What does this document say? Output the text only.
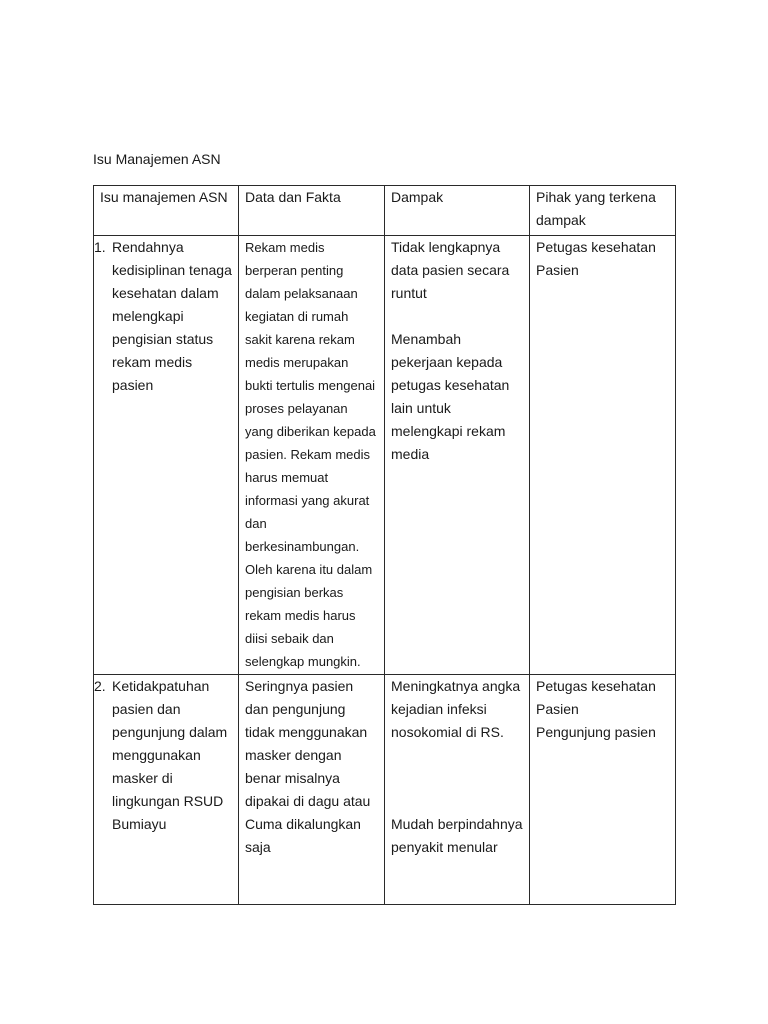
Isu Manajemen ASN
Isu manajemen ASN	Data dan Fakta	Dampak	Pihak yang terkena dampak

1. Rendahnya kedisiplinan tenaga kesehatan dalam melengkapi pengisian status rekam medis pasien	Rekam medis berperan penting dalam pelaksanaan kegiatan di rumah sakit karena rekam medis merupakan bukti tertulis mengenai proses pelayanan yang diberikan kepada pasien. Rekam medis harus memuat informasi yang akurat dan berkesinambungan. Oleh karena itu dalam pengisian berkas rekam medis harus diisi sebaik dan selengkap mungkin.	Tidak lengkapnya data pasien secara runtut
Menambah pekerjaan kepada petugas kesehatan lain untuk melengkapi rekam media	Petugas kesehatan
Pasien

2. Ketidakpatuhan pasien dan pengunjung dalam menggunakan masker di lingkungan RSUD Bumiayu	Seringnya pasien dan pengunjung tidak menggunakan masker dengan benar misalnya dipakai di dagu atau Cuma dikalungkan saja	Meningkatnya angka kejadian infeksi nosokomial di RS.
Mudah berpindahnya penyakit menular	Petugas kesehatan
Pasien
Pengunjung pasien
